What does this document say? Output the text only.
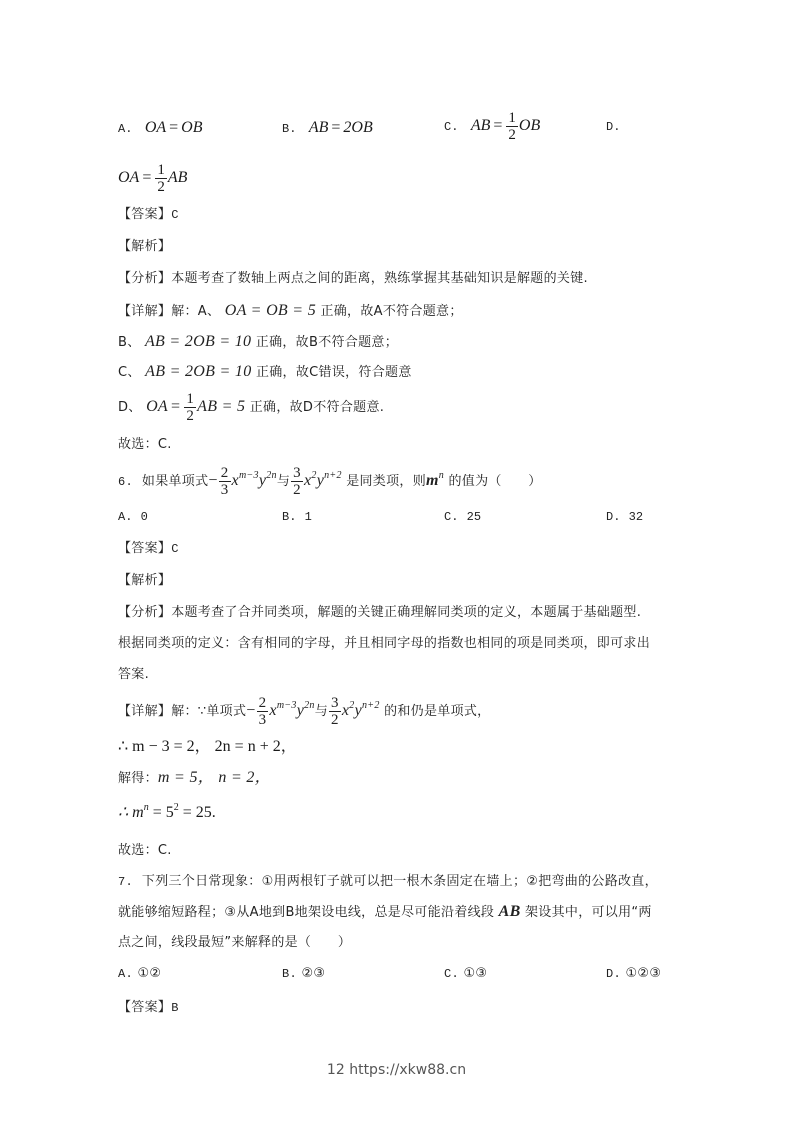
A. OA = OB	B. AB = 2OB	C. AB = $\frac{1}{2}$ OB	D.
OA = $\frac{1}{2}$ AB
【答案】C
【解析】
【分析】本题考查了数轴上两点之间的距离，熟练掌握其基础知识是解题的关键.
【详解】解：A、 OA = OB = 5 正确，故A不符合题意；
B、 AB = 2OB = 10 正确，故B不符合题意；
C、 AB = 2OB = 10 正确，故C错误，符合题意
D、 OA = $\frac{1}{2}$ AB = 5 正确，故D不符合题意.
故选：C.
6. 如果单项式− $\frac{2}{3} x^{m-3}y^{2n}$与 $\frac{3}{2} x^2y^{n+2}$ 是同类项，则$m^n$ 的值为（　　）
A. 0	B. 1	C. 25	D. 32
【答案】C
【解析】
【分析】本题考查了合并同类项，解题的关键正确理解同类项的定义，本题属于基础题型.
根据同类项的定义：含有相同的字母，并且相同字母的指数也相同的项是同类项，即可求出
答案.
【详解】解：∵单项式− $\frac{2}{3} x^{m-3}y^{2n}$与 $\frac{3}{2} x^2y^{n+2}$ 的和仍是单项式，
∴ m − 3 = 2， 2n = n + 2，
解得：m = 5， n = 2，
∴ $m^n = 5^2 = 25$.
故选：C.
7. 下列三个日常现象：①用两根钉子就可以把一根木条固定在墙上；②把弯曲的公路改直，
就能够缩短路程；③从A地到B地架设电线，总是尽可能沿着线段 AB 架设其中，可以用“两
点之间，线段最短”来解释的是（　　）
A. ①②	B. ②③	C. ①③	D. ①②③
【答案】B
12 https://xkw88.cn
